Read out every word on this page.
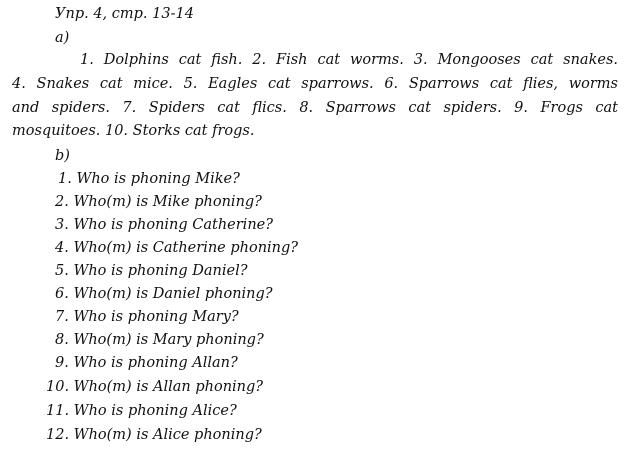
Упр. 4, стр. 13-14
а)
1. Dolphins cat fish. 2. Fish cat worms. 3. Mongooses cat snakes.
4. Snakes cat mice. 5. Eagles cat sparrows. 6. Sparrows cat flies, worms
and spiders. 7. Spiders cat flics. 8. Sparrows cat spiders. 9. Frogs cat
mosquitoes. 10. Storks cat frogs.
b)
1. Who is phoning Mike?
2. Who(m) is Mike phoning?
3. Who is phoning Catherine?
4. Who(m) is Catherine phoning?
5. Who is phoning Daniel?
6. Who(m) is Daniel phoning?
7. Who is phoning Mary?
8. Who(m) is Mary phoning?
9. Who is phoning Allan?
10. Who(m) is Allan phoning?
11. Who is phoning Alice?
12. Who(m) is Alice phoning?
